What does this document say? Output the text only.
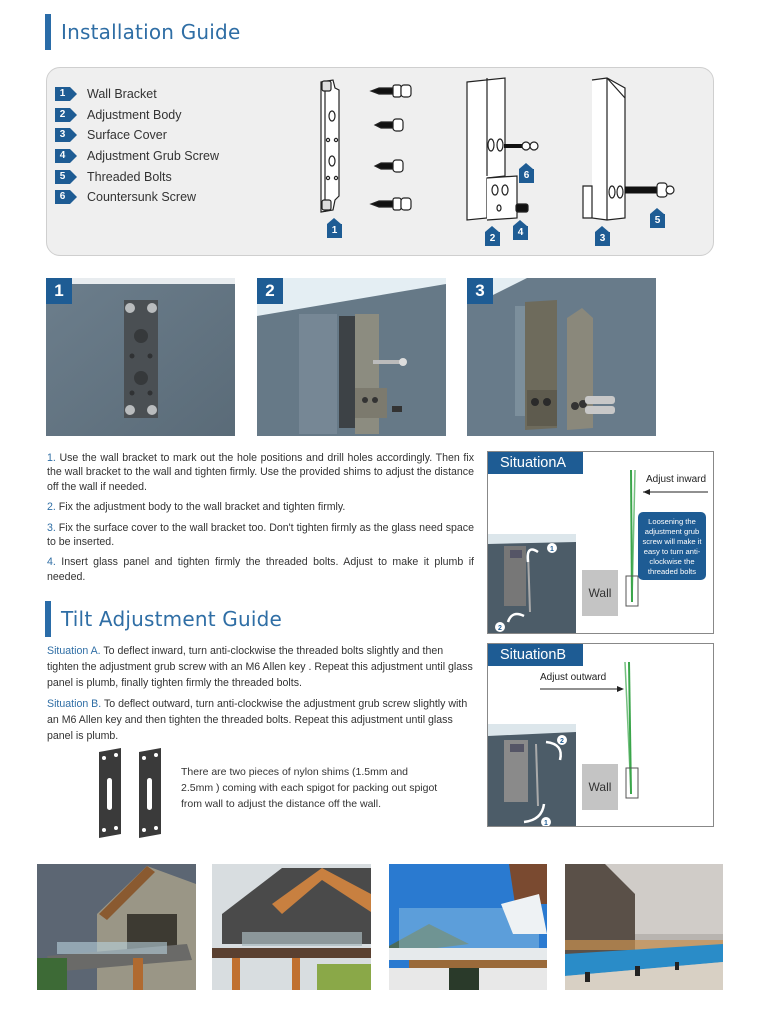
Installation Guide
1	Wall Bracket
2	Adjustment Body
3	Surface Cover
4	Adjustment Grub Screw
5	Threaded Bolts
6	Countersunk Screw
1
2
4
6
3
5
1	2	3

1. Use the wall bracket to mark out the hole positions and drill holes accordingly. Then fix the wall bracket to the wall and tighten firmly. Use the provided shims to adjust the distance off the wall if needed.

2. Fix the adjustment body to the wall bracket and tighten firmly.

3. Fix the surface cover to the wall bracket too. Don't tighten firmly as the glass need space to be inserted.

4. Insert glass panel and tighten firmly the threaded bolts. Adjust to make it plumb if needed.

Tilt Adjustment Guide

Situation A. To deflect inward, turn anti-clockwise the threaded bolts slightly and then tighten the adjustment grub screw with an M6 Allen key . Repeat this adjustment until glass panel is plumb, finally tighten firmly the threaded bolts.

Situation B. To deflect outward, turn anti-clockwise the adjustment grub screw slightly with an M6 Allen key and then tighten the threaded bolts. Repeat this adjustment until glass panel is plumb.

There are two pieces of nylon shims (1.5mm and 2.5mm ) coming with each spigot for packing out spigot from wall to adjust the distance off the wall.
SituationA
Adjust inward
1
2
Wall
Loosening the adjustment grub screw will make it easy to turn anti-clockwise the threaded bolts
SituationB
Adjust outward
2
1
Wall
